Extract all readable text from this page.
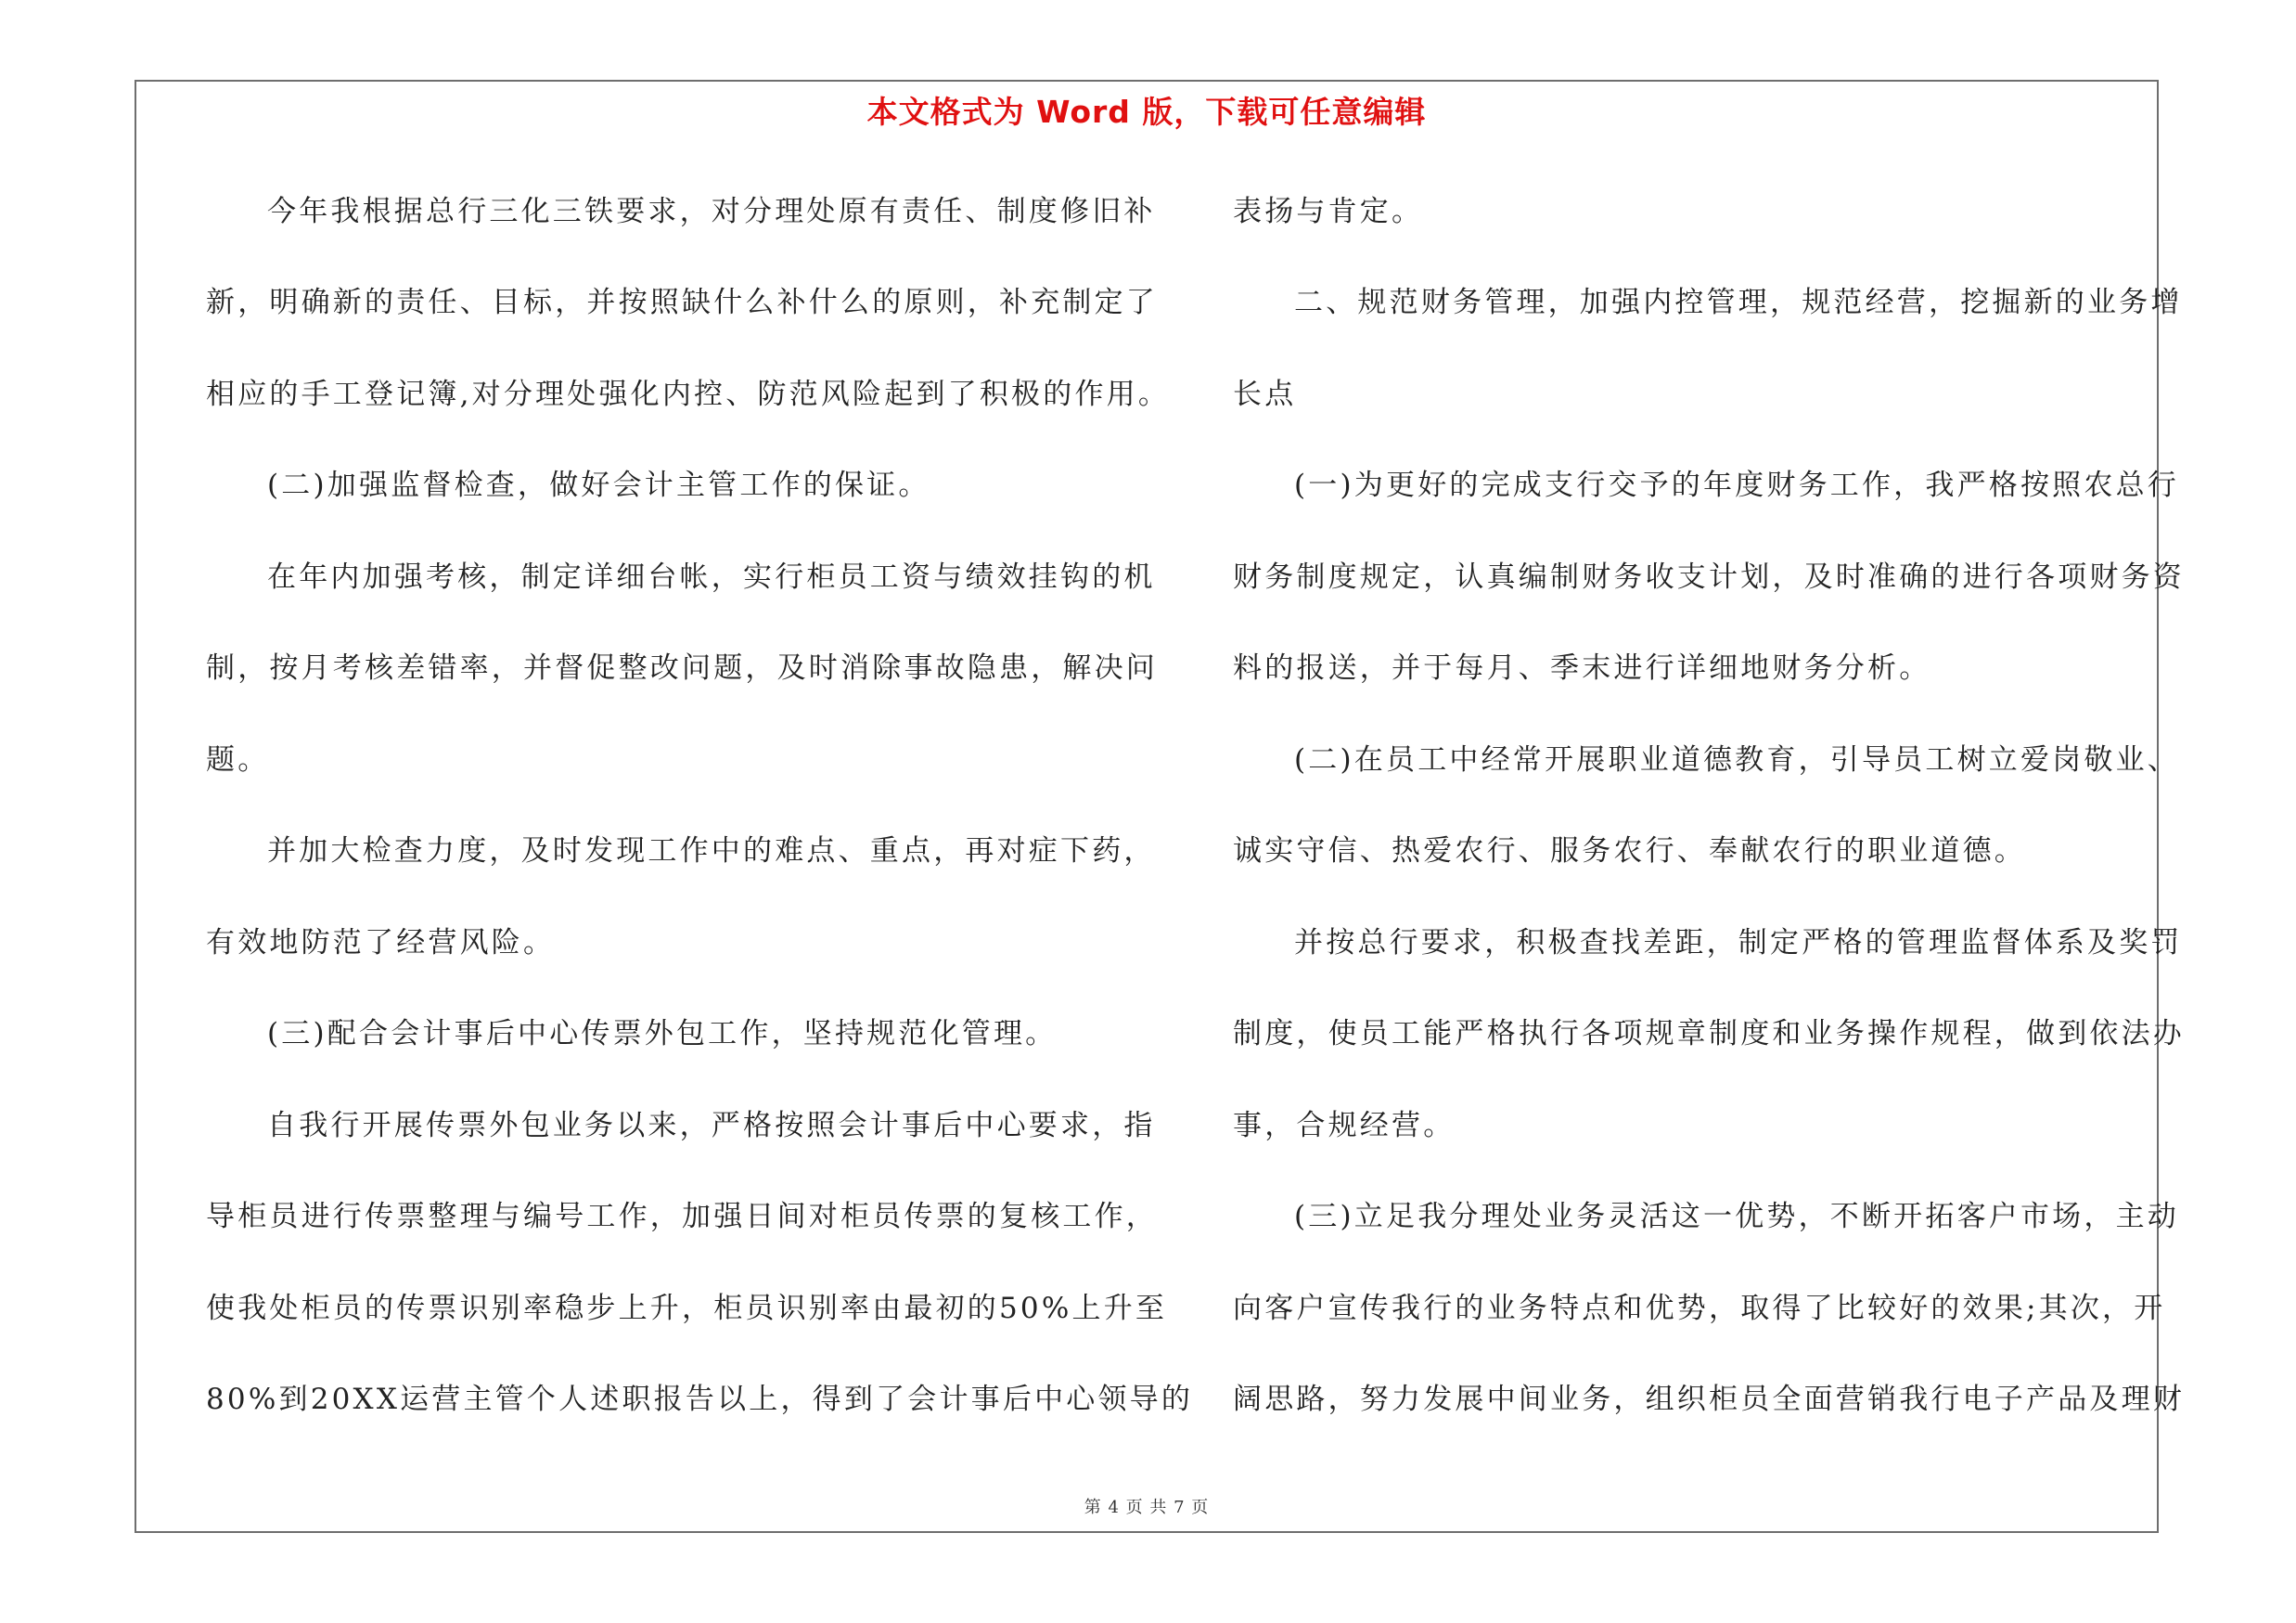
本文格式为 Word 版，下载可任意编辑
今年我根据总行三化三铁要求，对分理处原有责任、制度修旧补
新，明确新的责任、目标，并按照缺什么补什么的原则，补充制定了
相应的手工登记簿,对分理处强化内控、防范风险起到了积极的作用。
(二)加强监督检查，做好会计主管工作的保证。
在年内加强考核，制定详细台帐，实行柜员工资与绩效挂钩的机
制，按月考核差错率，并督促整改问题，及时消除事故隐患，解决问
题。
并加大检查力度，及时发现工作中的难点、重点，再对症下药，
有效地防范了经营风险。
(三)配合会计事后中心传票外包工作，坚持规范化管理。
自我行开展传票外包业务以来，严格按照会计事后中心要求，指
导柜员进行传票整理与编号工作，加强日间对柜员传票的复核工作，
使我处柜员的传票识别率稳步上升，柜员识别率由最初的50%上升至
80%到20XX运营主管个人述职报告以上，得到了会计事后中心领导的
表扬与肯定。
二、规范财务管理，加强内控管理，规范经营，挖掘新的业务增
长点
(一)为更好的完成支行交予的年度财务工作，我严格按照农总行
财务制度规定，认真编制财务收支计划，及时准确的进行各项财务资
料的报送，并于每月、季末进行详细地财务分析。
(二)在员工中经常开展职业道德教育，引导员工树立爱岗敬业、
诚实守信、热爱农行、服务农行、奉献农行的职业道德。
并按总行要求，积极查找差距，制定严格的管理监督体系及奖罚
制度，使员工能严格执行各项规章制度和业务操作规程，做到依法办
事，合规经营。
(三)立足我分理处业务灵活这一优势，不断开拓客户市场，主动
向客户宣传我行的业务特点和优势，取得了比较好的效果;其次，开
阔思路，努力发展中间业务，组织柜员全面营销我行电子产品及理财
第 4 页 共 7 页
